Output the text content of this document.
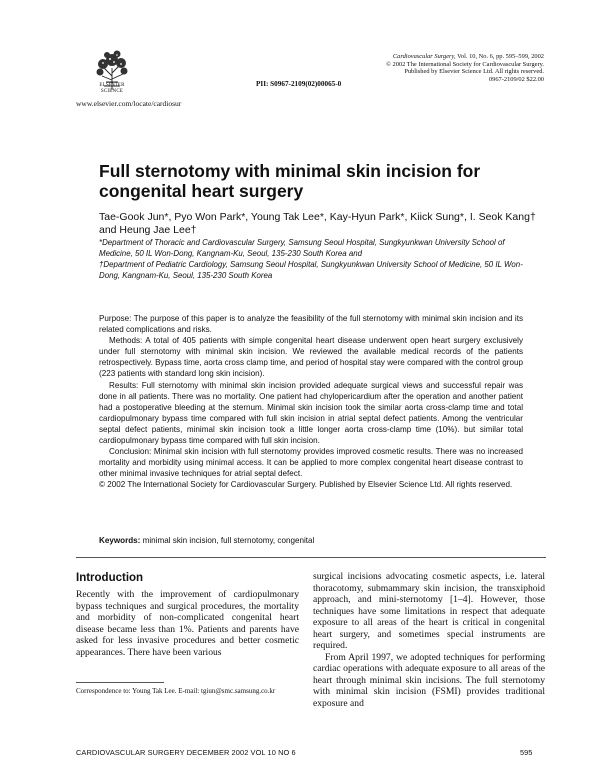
ELSEVIER SCIENCE
www.elsevier.com/locate/cardiosur
PII: S0967-2109(02)00065-0
Cardiovascular Surgery, Vol. 10, No. 6, pp. 595–599, 2002
© 2002 The International Society for Cardiovascular Surgery.
Published by Elsevier Science Ltd. All rights reserved.
0967-2109/02 $22.00
Full sternotomy with minimal skin incision for congenital heart surgery
Tae-Gook Jun*, Pyo Won Park*, Young Tak Lee*, Kay-Hyun Park*, Kiick Sung*, I. Seok Kang† and Heung Jae Lee†
*Department of Thoracic and Cardiovascular Surgery, Samsung Seoul Hospital, Sungkyunkwan University School of Medicine, 50 IL Won-Dong, Kangnam-Ku, Seoul, 135-230 South Korea and
†Department of Pediatric Cardiology, Samsung Seoul Hospital, Sungkyunkwan University School of Medicine, 50 IL Won-Dong, Kangnam-Ku, Seoul, 135-230 South Korea

Purpose: The purpose of this paper is to analyze the feasibility of the full sternotomy with minimal skin incision and its related complications and risks.

Methods: A total of 405 patients with simple congenital heart disease underwent open heart surgery exclusively under full sternotomy with minimal skin incision. We reviewed the available medical records of the patients retrospectively. Bypass time, aorta cross clamp time, and period of hospital stay were compared with the control group (223 patients with standard long skin incision).

Results: Full sternotomy with minimal skin incision provided adequate surgical views and successful repair was done in all patients. There was no mortality. One patient had chylopericardium after the operation and another patient had a postoperative bleeding at the sternum. Minimal skin incision took the similar aorta cross-clamp time and total cardiopulmonary bypass time compared with full skin incision in atrial septal defect patients. Among the ventricular septal defect patients, minimal skin incision took a little longer aorta cross-clamp time (10%). but similar total cardiopulmonary bypass time compared with full skin incision.

Conclusion: Minimal skin incision with full sternotomy provides improved cosmetic results. There was no increased mortality and morbidity using minimal access. It can be applied to more complex congenital heart disease contrast to other minimal invasive techniques for atrial septal defect.

© 2002 The International Society for Cardiovascular Surgery. Published by Elsevier Science Ltd. All rights reserved.

Keywords: minimal skin incision, full sternotomy, congenital
Introduction
Recently with the improvement of cardiopulmonary bypass techniques and surgical procedures, the mortality and morbidity of non-complicated congenital heart disease became less than 1%. Patients and parents have asked for less invasive procedures and better cosmetic appearances. There have been various

surgical incisions advocating cosmetic aspects, i.e. lateral thoracotomy, submammary skin incision, the transxiphoid approach, and mini-sternotomy [1–4]. However, those techniques have some limitations in respect that adequate exposure to all areas of the heart is critical in congenital heart surgery, and sometimes special instruments are required.

From April 1997, we adopted techniques for performing cardiac operations with adequate exposure to all areas of the heart through minimal skin incisions. The full sternotomy with minimal skin incision (FSMI) provides traditional exposure and

Correspondence to: Young Tak Lee. E-mail: tgiun@smc.samsung.co.kr
CARDIOVASCULAR SURGERY DECEMBER 2002 VOL 10 NO 6	595
